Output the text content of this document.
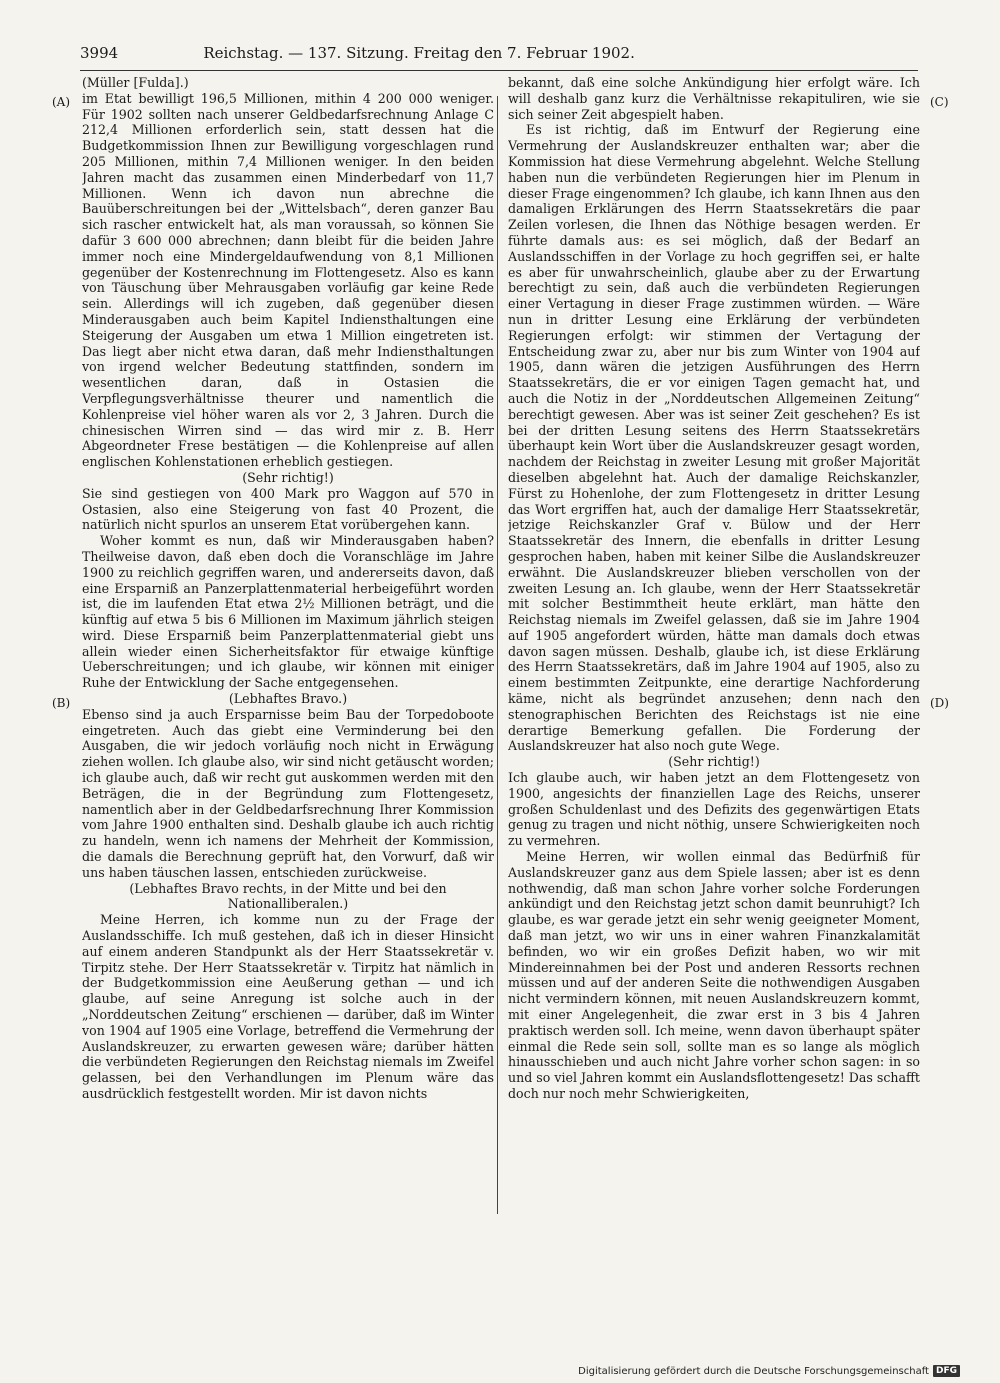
3994	Reichstag. — 137. Sitzung. Freitag den 7. Februar 1902.
(A)
(B)
(C)
(D)

(Müller [Fulda].)

im Etat bewilligt 196,5 Millionen, mithin 4 200 000 weniger. Für 1902 sollten nach unserer Geldbedarfsrechnung Anlage C 212,4 Millionen erforderlich sein, statt dessen hat die Budgetkommission Ihnen zur Bewilligung vorgeschlagen rund 205 Millionen, mithin 7,4 Millionen weniger. In den beiden Jahren macht das zusammen einen Minderbedarf von 11,7 Millionen. Wenn ich davon nun abrechne die Bauüberschreitungen bei der „Wittelsbach“, deren ganzer Bau sich rascher entwickelt hat, als man voraussah, so können Sie dafür 3 600 000 abrechnen; dann bleibt für die beiden Jahre immer noch eine Mindergeldaufwendung von 8,1 Millionen gegenüber der Kostenrechnung im Flottengesetz. Also es kann von Täuschung über Mehrausgaben vorläufig gar keine Rede sein. Allerdings will ich zugeben, daß gegenüber diesen Minderausgaben auch beim Kapitel Indiensthaltungen eine Steigerung der Ausgaben um etwa 1 Million eingetreten ist. Das liegt aber nicht etwa daran, daß mehr Indiensthaltungen von irgend welcher Bedeutung stattfinden, sondern im wesentlichen daran, daß in Ostasien die Verpflegungsverhältnisse theurer und namentlich die Kohlenpreise viel höher waren als vor 2, 3 Jahren. Durch die chinesischen Wirren sind — das wird mir z. B. Herr Abgeordneter Frese bestätigen — die Kohlenpreise auf allen englischen Kohlenstationen erheblich gestiegen.

(Sehr richtig!)

Sie sind gestiegen von 400 Mark pro Waggon auf 570 in Ostasien, also eine Steigerung von fast 40 Prozent, die natürlich nicht spurlos an unserem Etat vorübergehen kann.

Woher kommt es nun, daß wir Minderausgaben haben? Theilweise davon, daß eben doch die Voranschläge im Jahre 1900 zu reichlich gegriffen waren, und andererseits davon, daß eine Ersparniß an Panzerplattenmaterial herbeigeführt worden ist, die im laufenden Etat etwa 2½ Millionen beträgt, und die künftig auf etwa 5 bis 6 Millionen im Maximum jährlich steigen wird. Diese Ersparniß beim Panzerplattenmaterial giebt uns allein wieder einen Sicherheitsfaktor für etwaige künftige Ueberschreitungen; und ich glaube, wir können mit einiger Ruhe der Entwicklung der Sache entgegensehen.

(Lebhaftes Bravo.)

Ebenso sind ja auch Ersparnisse beim Bau der Torpedoboote eingetreten. Auch das giebt eine Verminderung bei den Ausgaben, die wir jedoch vorläufig noch nicht in Erwägung ziehen wollen. Ich glaube also, wir sind nicht getäuscht worden; ich glaube auch, daß wir recht gut auskommen werden mit den Beträgen, die in der Begründung zum Flottengesetz, namentlich aber in der Geldbedarfsrechnung Ihrer Kommission vom Jahre 1900 enthalten sind. Deshalb glaube ich auch richtig zu handeln, wenn ich namens der Mehrheit der Kommission, die damals die Berechnung geprüft hat, den Vorwurf, daß wir uns haben täuschen lassen, entschieden zurückweise.

(Lebhaftes Bravo rechts, in der Mitte und bei den Nationalliberalen.)

Meine Herren, ich komme nun zu der Frage der Auslandsschiffe. Ich muß gestehen, daß ich in dieser Hinsicht auf einem anderen Standpunkt als der Herr Staatssekretär v. Tirpitz stehe. Der Herr Staatssekretär v. Tirpitz hat nämlich in der Budgetkommission eine Aeußerung gethan — und ich glaube, auf seine Anregung ist solche auch in der „Norddeutschen Zeitung“ erschienen — darüber, daß im Winter von 1904 auf 1905 eine Vorlage, betreffend die Vermehrung der Auslandskreuzer, zu erwarten gewesen wäre; darüber hätten die verbündeten Regierungen den Reichstag niemals im Zweifel gelassen, bei den Verhandlungen im Plenum wäre das ausdrücklich festgestellt worden. Mir ist davon nichts

bekannt, daß eine solche Ankündigung hier erfolgt wäre. Ich will deshalb ganz kurz die Verhältnisse rekapituliren, wie sie sich seiner Zeit abgespielt haben.

Es ist richtig, daß im Entwurf der Regierung eine Vermehrung der Auslandskreuzer enthalten war; aber die Kommission hat diese Vermehrung abgelehnt. Welche Stellung haben nun die verbündeten Regierungen hier im Plenum in dieser Frage eingenommen? Ich glaube, ich kann Ihnen aus den damaligen Erklärungen des Herrn Staatssekretärs die paar Zeilen vorlesen, die Ihnen das Nöthige besagen werden. Er führte damals aus: es sei möglich, daß der Bedarf an Auslandsschiffen in der Vorlage zu hoch gegriffen sei, er halte es aber für unwahrscheinlich, glaube aber zu der Erwartung berechtigt zu sein, daß auch die verbündeten Regierungen einer Vertagung in dieser Frage zustimmen würden. — Wäre nun in dritter Lesung eine Erklärung der verbündeten Regierungen erfolgt: wir stimmen der Vertagung der Entscheidung zwar zu, aber nur bis zum Winter von 1904 auf 1905, dann wären die jetzigen Ausführungen des Herrn Staatssekretärs, die er vor einigen Tagen gemacht hat, und auch die Notiz in der „Norddeutschen Allgemeinen Zeitung“ berechtigt gewesen. Aber was ist seiner Zeit geschehen? Es ist bei der dritten Lesung seitens des Herrn Staatssekretärs überhaupt kein Wort über die Auslandskreuzer gesagt worden, nachdem der Reichstag in zweiter Lesung mit großer Majorität dieselben abgelehnt hat. Auch der damalige Reichskanzler, Fürst zu Hohenlohe, der zum Flottengesetz in dritter Lesung das Wort ergriffen hat, auch der damalige Herr Staatssekretär, jetzige Reichskanzler Graf v. Bülow und der Herr Staatssekretär des Innern, die ebenfalls in dritter Lesung gesprochen haben, haben mit keiner Silbe die Auslandskreuzer erwähnt. Die Auslandskreuzer blieben verschollen von der zweiten Lesung an. Ich glaube, wenn der Herr Staatssekretär mit solcher Bestimmtheit heute erklärt, man hätte den Reichstag niemals im Zweifel gelassen, daß sie im Jahre 1904 auf 1905 angefordert würden, hätte man damals doch etwas davon sagen müssen. Deshalb, glaube ich, ist diese Erklärung des Herrn Staatssekretärs, daß im Jahre 1904 auf 1905, also zu einem bestimmten Zeitpunkte, eine derartige Nachforderung käme, nicht als begründet anzusehen; denn nach den stenographischen Berichten des Reichstags ist nie eine derartige Bemerkung gefallen. Die Forderung der Auslandskreuzer hat also noch gute Wege.

(Sehr richtig!)

Ich glaube auch, wir haben jetzt an dem Flottengesetz von 1900, angesichts der finanziellen Lage des Reichs, unserer großen Schuldenlast und des Defizits des gegenwärtigen Etats genug zu tragen und nicht nöthig, unsere Schwierigkeiten noch zu vermehren.

Meine Herren, wir wollen einmal das Bedürfniß für Auslandskreuzer ganz aus dem Spiele lassen; aber ist es denn nothwendig, daß man schon Jahre vorher solche Forderungen ankündigt und den Reichstag jetzt schon damit beunruhigt? Ich glaube, es war gerade jetzt ein sehr wenig geeigneter Moment, daß man jetzt, wo wir uns in einer wahren Finanzkalamität befinden, wo wir ein großes Defizit haben, wo wir mit Mindereinnahmen bei der Post und anderen Ressorts rechnen müssen und auf der anderen Seite die nothwendigen Ausgaben nicht vermindern können, mit neuen Auslandskreuzern kommt, mit einer Angelegenheit, die zwar erst in 3 bis 4 Jahren praktisch werden soll. Ich meine, wenn davon überhaupt später einmal die Rede sein soll, sollte man es so lange als möglich hinausschieben und auch nicht Jahre vorher schon sagen: in so und so viel Jahren kommt ein Auslandsflottengesetz! Das schafft doch nur noch mehr Schwierigkeiten,

Digitalisierung gefördert durch die Deutsche Forschungsgemeinschaft DFG
